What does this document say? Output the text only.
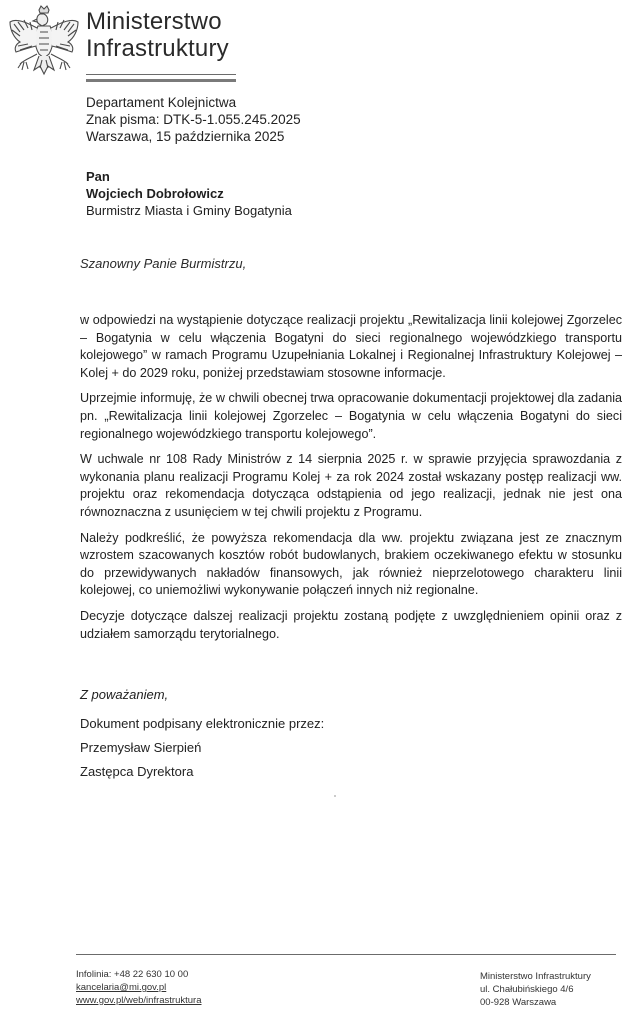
Ministerstwo
Infrastruktury
Departament Kolejnictwa
Znak pisma: DTK-5-1.055.245.2025
Warszawa, 15 października 2025
Pan
Wojciech Dobrołowicz
Burmistrz Miasta i Gminy Bogatynia
Szanowny Panie Burmistrzu,

w odpowiedzi na wystąpienie dotyczące realizacji projektu „Rewitalizacja linii kolejowej Zgorzelec – Bogatynia w celu włączenia Bogatyni do sieci regionalnego wojewódzkiego transportu kolejowego” w ramach Programu Uzupełniania Lokalnej i Regionalnej Infrastruktury Kolejowej – Kolej + do 2029 roku, poniżej przedstawiam stosowne informacje.

Uprzejmie informuję, że w chwili obecnej trwa opracowanie dokumentacji projektowej dla zadania pn. „Rewitalizacja linii kolejowej Zgorzelec – Bogatynia w celu włączenia Bogatyni do sieci regionalnego wojewódzkiego transportu kolejowego”.

W uchwale nr 108 Rady Ministrów z 14 sierpnia 2025 r. w sprawie przyjęcia sprawozdania z wykonania planu realizacji Programu Kolej + za rok 2024 został wskazany postęp realizacji ww. projektu oraz rekomendacja dotycząca odstąpienia od jego realizacji, jednak nie jest ona równoznaczna z usunięciem w tej chwili projektu z Programu.

Należy podkreślić, że powyższa rekomendacja dla ww. projektu związana jest ze znacznym wzrostem szacowanych kosztów robót budowlanych, brakiem oczekiwanego efektu w stosunku do przewidywanych nakładów finansowych, jak również nieprzelotowego charakteru linii kolejowej, co uniemożliwi wykonywanie połączeń innych niż regionalne.

Decyzje dotyczące dalszej realizacji projektu zostaną podjęte z uwzględnieniem opinii oraz z udziałem samorządu terytorialnego.

Z poważaniem,
Dokument podpisany elektronicznie przez:
Przemysław Sierpień
Zastępca Dyrektora
Infolinia: +48 22 630 10 00
kancelaria@mi.gov.pl
www.gov.pl/web/infrastruktura
Ministerstwo Infrastruktury
ul. Chałubińskiego 4/6
00-928 Warszawa
